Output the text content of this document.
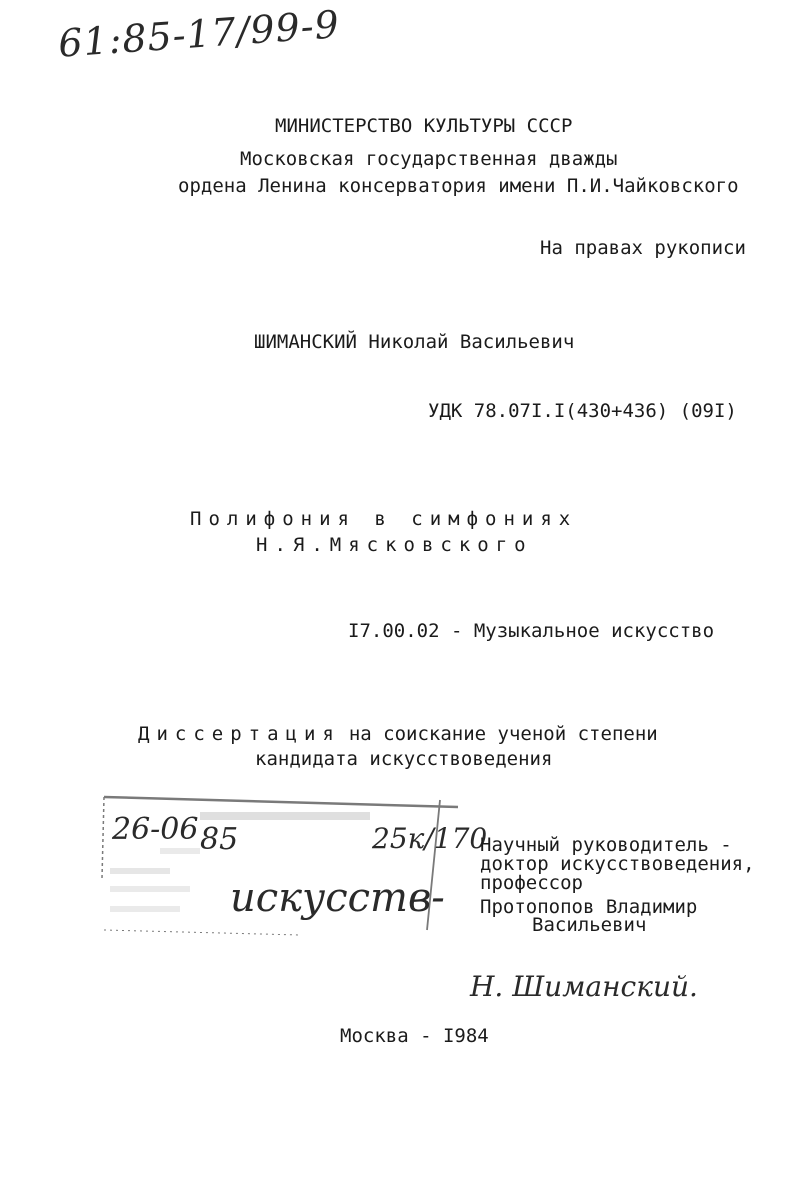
61:85-17/99-9
МИНИСТЕРСТВО КУЛЬТУРЫ СССР
Московская государственная дважды
ордена Ленина консерватория имени П.И.Чайковского
На правах рукописи
ШИМАНСКИЙ Николай Васильевич
УДК 78.07I.I(430+436) (09I)
Полифония в симфониях
Н.Я.Мясковского
I7.00.02 - Музыкальное искусство
Диссертация на соискание ученой степени
кандидата искусствоведения
26-06 85	25к/170
искусств-
Научный руководитель -
доктор искусствоведения,
профессор
Протопопов Владимир
Васильевич
Н. Шиманский.
Москва - I984
